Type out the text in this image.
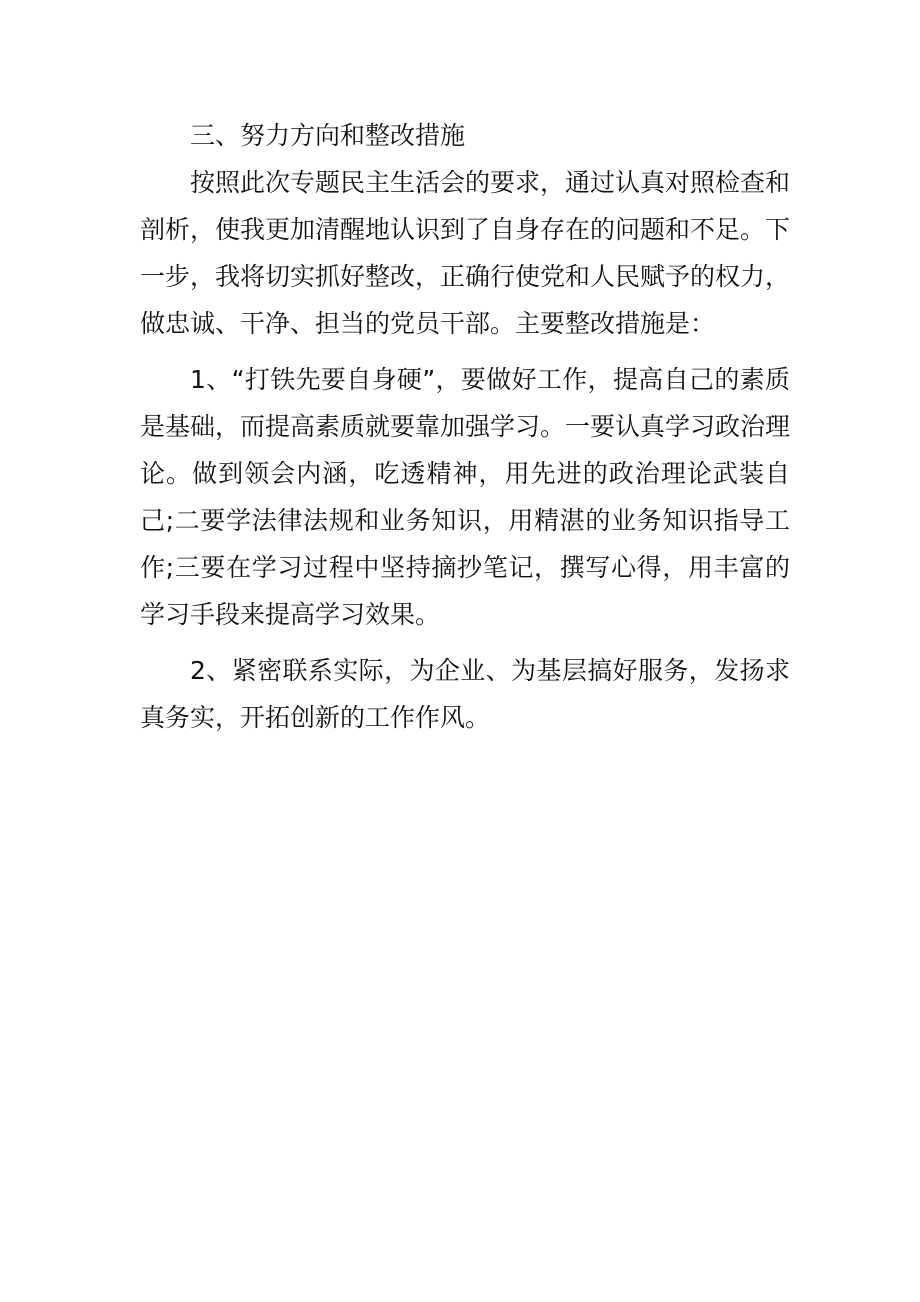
三、努力方向和整改措施

按照此次专题民主生活会的要求，通过认真对照检查和剖析，使我更加清醒地认识到了自身存在的问题和不足。下一步，我将切实抓好整改，正确行使党和人民赋予的权力，做忠诚、干净、担当的党员干部。主要整改措施是：

1、“打铁先要自身硬”，要做好工作，提高自己的素质是基础，而提高素质就要靠加强学习。一要认真学习政治理论。做到领会内涵，吃透精神，用先进的政治理论武装自己;二要学法律法规和业务知识，用精湛的业务知识指导工作;三要在学习过程中坚持摘抄笔记，撰写心得，用丰富的学习手段来提高学习效果。

2、紧密联系实际，为企业、为基层搞好服务，发扬求真务实，开拓创新的工作作风。
